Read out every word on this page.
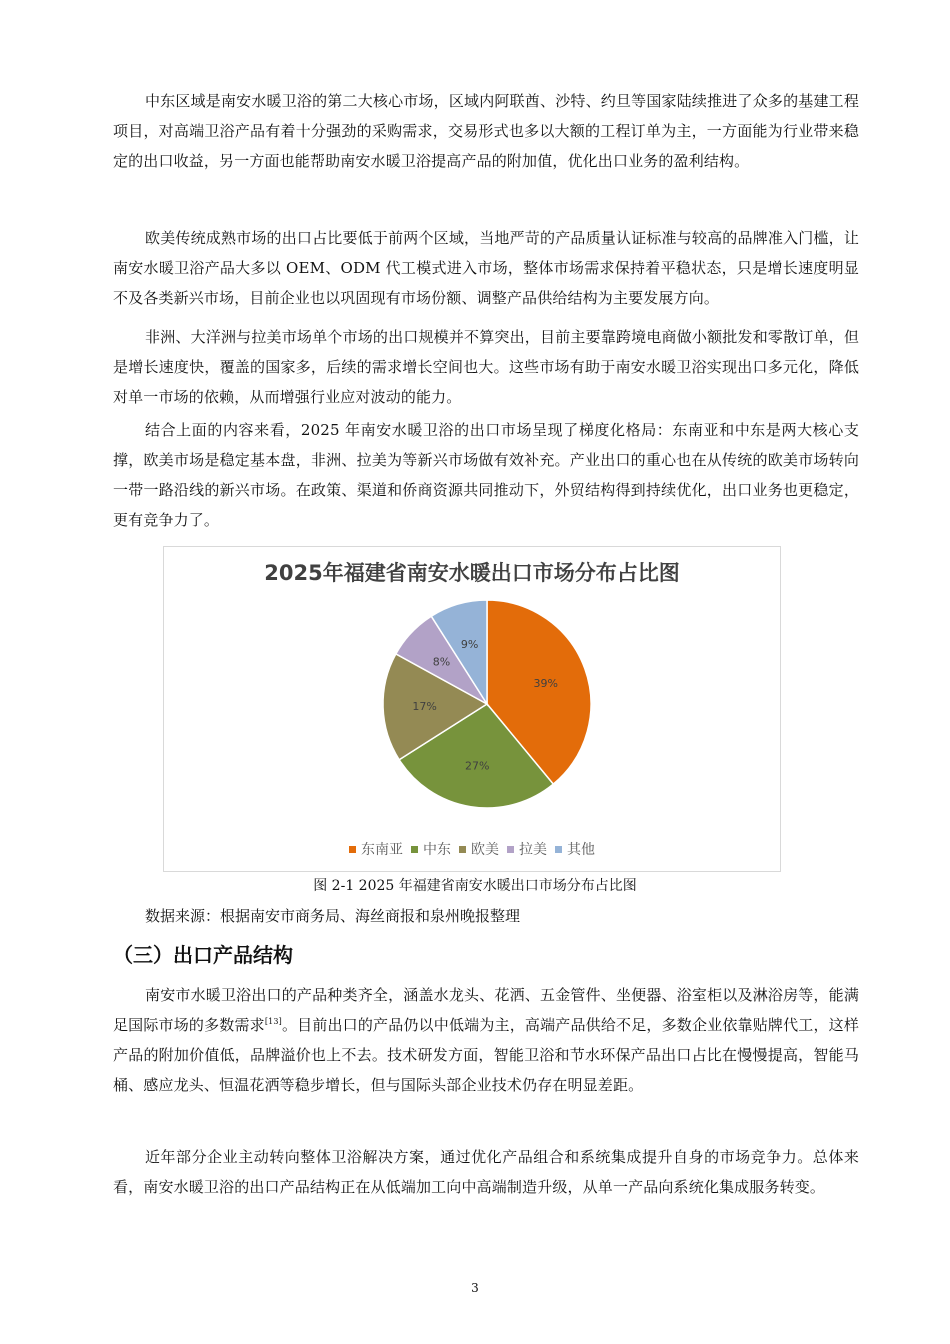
中东区域是南安水暖卫浴的第二大核心市场，区域内阿联酋、沙特、约旦等国家陆续推进了众多的基建工程项目，对高端卫浴产品有着十分强劲的采购需求，交易形式也多以大额的工程订单为主，一方面能为行业带来稳定的出口收益，另一方面也能帮助南安水暖卫浴提高产品的附加值，优化出口业务的盈利结构。

欧美传统成熟市场的出口占比要低于前两个区域，当地严苛的产品质量认证标准与较高的品牌准入门槛，让南安水暖卫浴产品大多以 OEM、ODM 代工模式进入市场，整体市场需求保持着平稳状态，只是增长速度明显不及各类新兴市场，目前企业也以巩固现有市场份额、调整产品供给结构为主要发展方向。

非洲、大洋洲与拉美市场单个市场的出口规模并不算突出，目前主要靠跨境电商做小额批发和零散订单，但是增长速度快，覆盖的国家多，后续的需求增长空间也大。这些市场有助于南安水暖卫浴实现出口多元化，降低对单一市场的依赖，从而增强行业应对波动的能力。

结合上面的内容来看，2025 年南安水暖卫浴的出口市场呈现了梯度化格局：东南亚和中东是两大核心支撑，欧美市场是稳定基本盘，非洲、拉美为等新兴市场做有效补充。产业出口的重心也在从传统的欧美市场转向一带一路沿线的新兴市场。在政策、渠道和侨商资源共同推动下，外贸结构得到持续优化，出口业务也更稳定，更有竞争力了。

2025年福建省南安水暖出口市场分布占比图
39%
27%
17%
8%
9%
东南亚 中东 欧美 拉美 其他
图 2-1 2025 年福建省南安水暖出口市场分布占比图
数据来源：根据南安市商务局、海丝商报和泉州晚报整理
（三）出口产品结构

南安市水暖卫浴出口的产品种类齐全，涵盖水龙头、花洒、五金管件、坐便器、浴室柜以及淋浴房等，能满足国际市场的多数需求[13]。目前出口的产品仍以中低端为主，高端产品供给不足，多数企业依靠贴牌代工，这样产品的附加价值低，品牌溢价也上不去。技术研发方面，智能卫浴和节水环保产品出口占比在慢慢提高，智能马桶、感应龙头、恒温花洒等稳步增长，但与国际头部企业技术仍存在明显差距。

近年部分企业主动转向整体卫浴解决方案，通过优化产品组合和系统集成提升自身的市场竞争力。总体来看，南安水暖卫浴的出口产品结构正在从低端加工向中高端制造升级，从单一产品向系统化集成服务转变。

3
